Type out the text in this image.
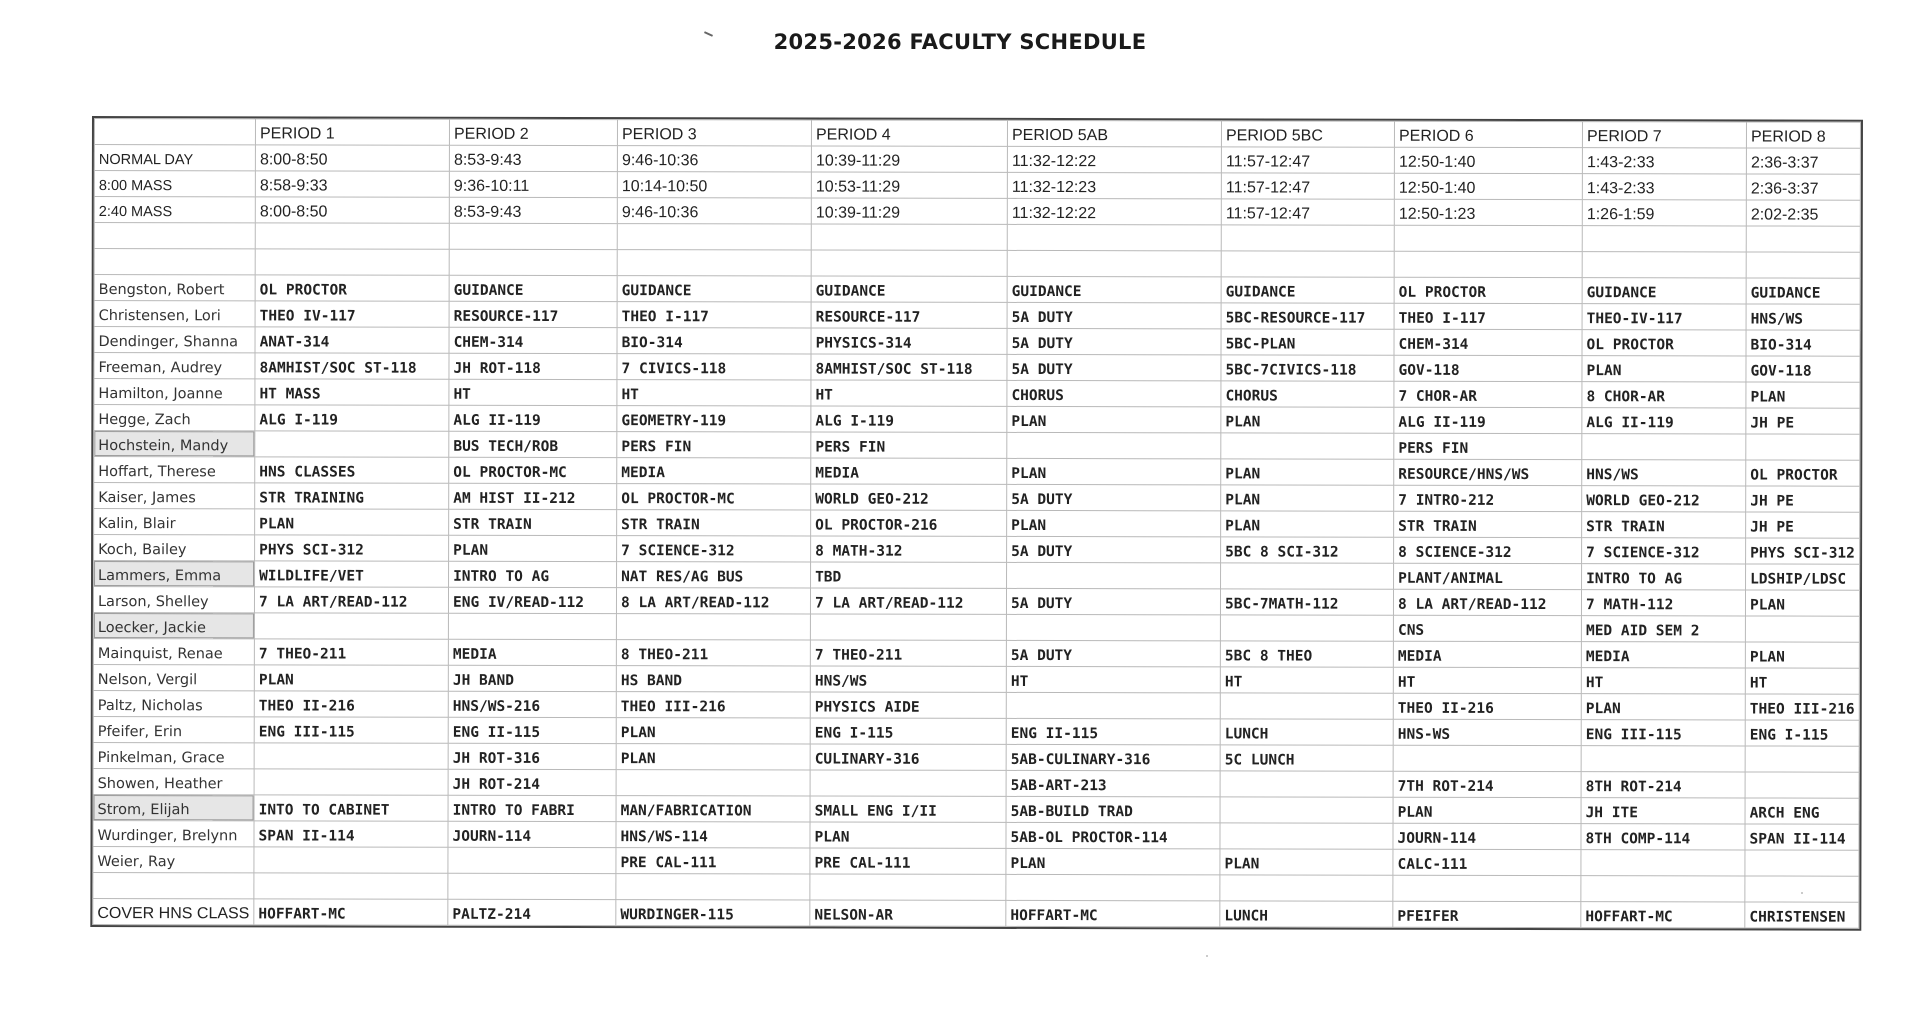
2025-2026 FACULTY SCHEDULE
	PERIOD 1	PERIOD 2	PERIOD 3	PERIOD 4	PERIOD 5AB	PERIOD 5BC	PERIOD 6	PERIOD 7	PERIOD 8
NORMAL DAY	8:00-8:50	8:53-9:43	9:46-10:36	10:39-11:29	11:32-12:22	11:57-12:47	12:50-1:40	1:43-2:33	2:36-3:37
8:00 MASS	8:58-9:33	9:36-10:11	10:14-10:50	10:53-11:29	11:32-12:23	11:57-12:47	12:50-1:40	1:43-2:33	2:36-3:37
2:40 MASS	8:00-8:50	8:53-9:43	9:46-10:36	10:39-11:29	11:32-12:22	11:57-12:47	12:50-1:23	1:26-1:59	2:02-2:35

Bengston, Robert	OL PROCTOR	GUIDANCE	GUIDANCE	GUIDANCE	GUIDANCE	GUIDANCE	OL PROCTOR	GUIDANCE	GUIDANCE
Christensen, Lori	THEO IV-117	RESOURCE-117	THEO I-117	RESOURCE-117	5A DUTY	5BC-RESOURCE-117	THEO I-117	THEO-IV-117	HNS/WS
Dendinger, Shanna	ANAT-314	CHEM-314	BIO-314	PHYSICS-314	5A DUTY	5BC-PLAN	CHEM-314	OL PROCTOR	BIO-314
Freeman, Audrey	8AMHIST/SOC ST-118	JH ROT-118	7 CIVICS-118	8AMHIST/SOC ST-118	5A DUTY	5BC-7CIVICS-118	GOV-118	PLAN	GOV-118
Hamilton, Joanne	HT MASS	HT	HT	HT	CHORUS	CHORUS	7 CHOR-AR	8 CHOR-AR	PLAN
Hegge, Zach	ALG I-119	ALG II-119	GEOMETRY-119	ALG I-119	PLAN	PLAN	ALG II-119	ALG II-119	JH PE
Hochstein, Mandy		BUS TECH/ROB	PERS FIN	PERS FIN			PERS FIN		
Hoffart, Therese	HNS CLASSES	OL PROCTOR-MC	MEDIA	MEDIA	PLAN	PLAN	RESOURCE/HNS/WS	HNS/WS	OL PROCTOR
Kaiser, James	STR TRAINING	AM HIST II-212	OL PROCTOR-MC	WORLD GEO-212	5A DUTY	PLAN	7 INTRO-212	WORLD GEO-212	JH PE
Kalin, Blair	PLAN	STR TRAIN	STR TRAIN	OL PROCTOR-216	PLAN	PLAN	STR TRAIN	STR TRAIN	JH PE
Koch, Bailey	PHYS SCI-312	PLAN	7 SCIENCE-312	8 MATH-312	5A DUTY	5BC 8 SCI-312	8 SCIENCE-312	7 SCIENCE-312	PHYS SCI-312
Lammers, Emma	WILDLIFE/VET	INTRO TO AG	NAT RES/AG BUS	TBD			PLANT/ANIMAL	INTRO TO AG	LDSHIP/LDSC
Larson, Shelley	7 LA ART/READ-112	ENG IV/READ-112	8 LA ART/READ-112	7 LA ART/READ-112	5A DUTY	5BC-7MATH-112	8 LA ART/READ-112	7 MATH-112	PLAN
Loecker, Jackie							CNS	MED AID SEM 2	
Mainquist, Renae	7 THEO-211	MEDIA	8 THEO-211	7 THEO-211	5A DUTY	5BC 8 THEO	MEDIA	MEDIA	PLAN
Nelson, Vergil	PLAN	JH BAND	HS BAND	HNS/WS	HT	HT	HT	HT	HT
Paltz, Nicholas	THEO II-216	HNS/WS-216	THEO III-216	PHYSICS AIDE			THEO II-216	PLAN	THEO III-216
Pfeifer, Erin	ENG III-115	ENG II-115	PLAN	ENG I-115	ENG II-115	LUNCH	HNS-WS	ENG III-115	ENG I-115
Pinkelman, Grace		JH ROT-316	PLAN	CULINARY-316	5AB-CULINARY-316	5C LUNCH			
Showen, Heather		JH ROT-214			5AB-ART-213		7TH ROT-214	8TH ROT-214	
Strom, Elijah	INTO TO CABINET	INTRO TO FABRI	MAN/FABRICATION	SMALL ENG I/II	5AB-BUILD TRAD		PLAN	JH ITE	ARCH ENG
Wurdinger, Brelynn	SPAN II-114	JOURN-114	HNS/WS-114	PLAN	5AB-OL PROCTOR-114		JOURN-114	8TH COMP-114	SPAN II-114
Weier, Ray			PRE CAL-111	PRE CAL-111	PLAN	PLAN	CALC-111		

COVER HNS CLASS	HOFFART-MC	PALTZ-214	WURDINGER-115	NELSON-AR	HOFFART-MC	LUNCH	PFEIFER	HOFFART-MC	CHRISTENSEN
